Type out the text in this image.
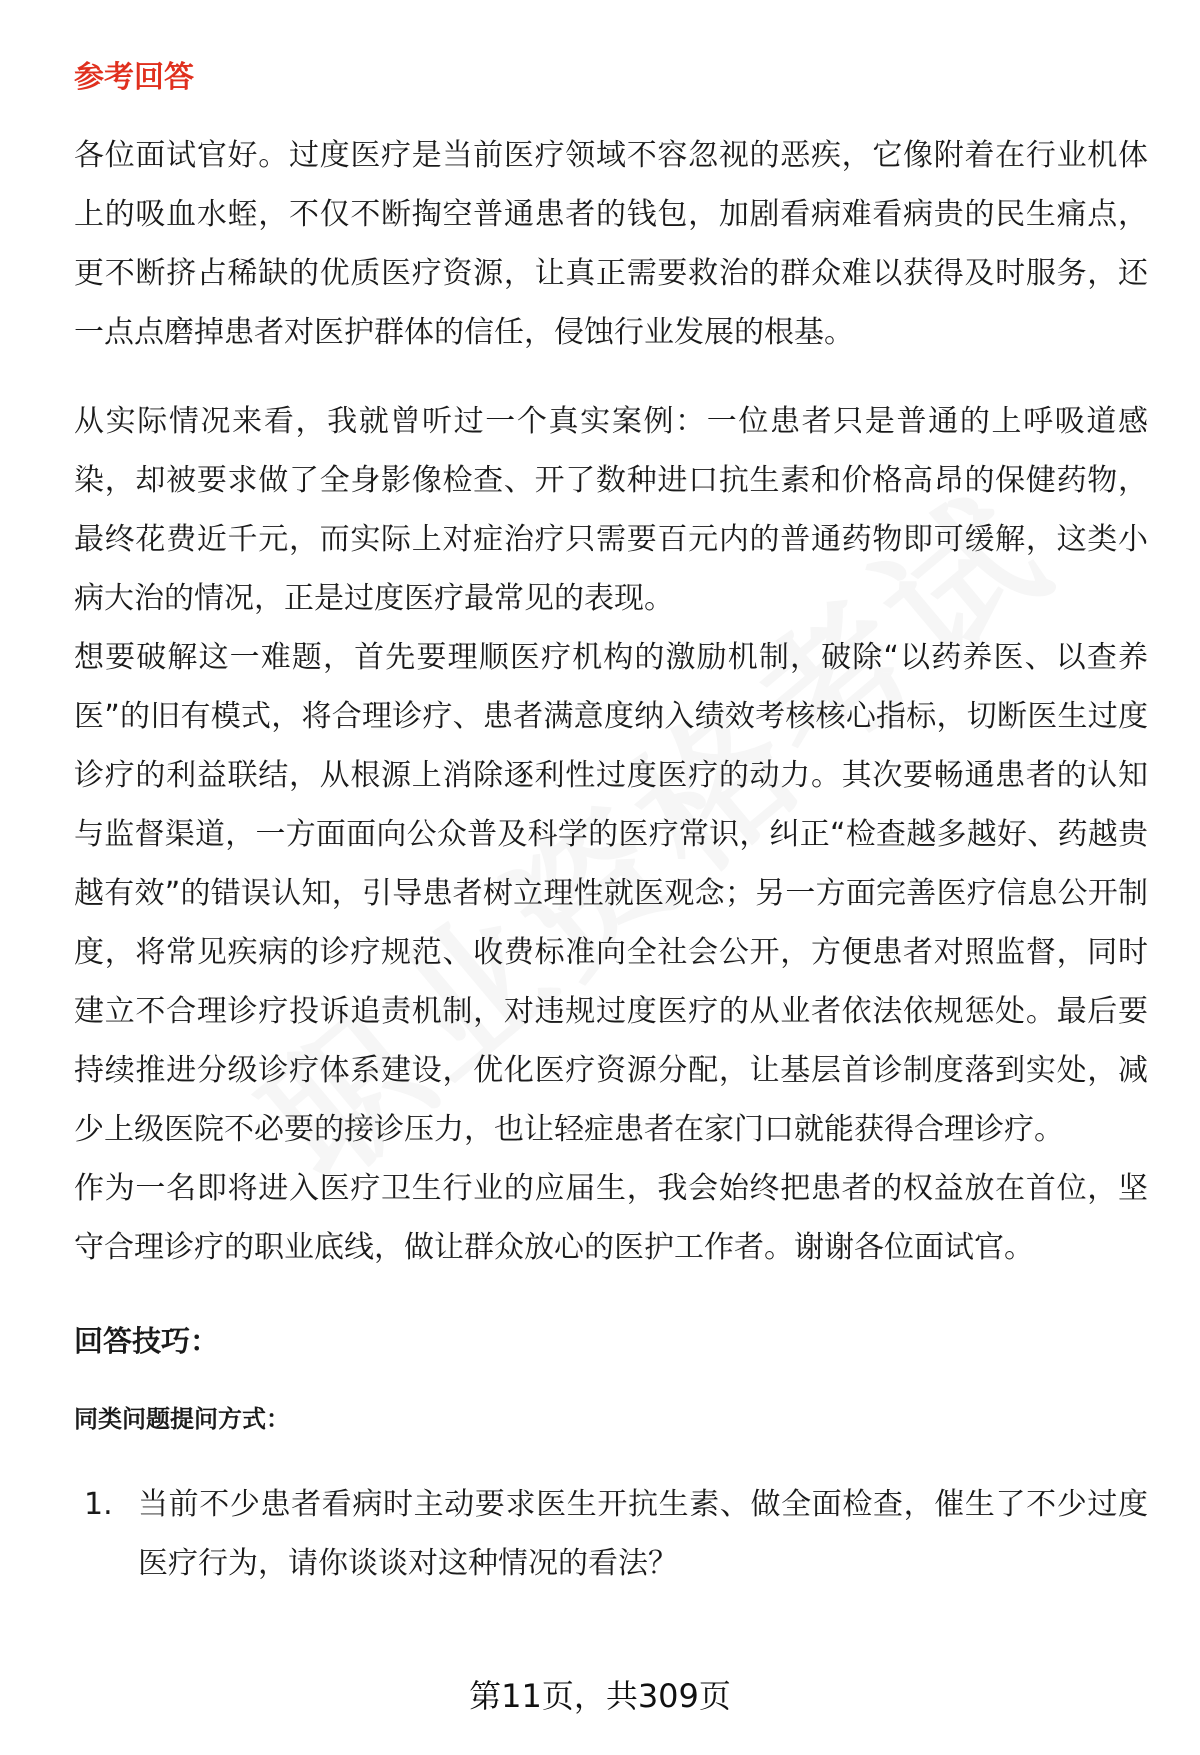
参考回答

各位面试官好。过度医疗是当前医疗领域不容忽视的恶疾，它像附着在行业机体上的吸血水蛭，不仅不断掏空普通患者的钱包，加剧看病难看病贵的民生痛点，更不断挤占稀缺的优质医疗资源，让真正需要救治的群众难以获得及时服务，还一点点磨掉患者对医护群体的信任，侵蚀行业发展的根基。

从实际情况来看，我就曾听过一个真实案例：一位患者只是普通的上呼吸道感染，却被要求做了全身影像检查、开了数种进口抗生素和价格高昂的保健药物，最终花费近千元，而实际上对症治疗只需要百元内的普通药物即可缓解，这类小病大治的情况，正是过度医疗最常见的表现。

想要破解这一难题，首先要理顺医疗机构的激励机制，破除“以药养医、以查养医”的旧有模式，将合理诊疗、患者满意度纳入绩效考核核心指标，切断医生过度诊疗的利益联结，从根源上消除逐利性过度医疗的动力。其次要畅通患者的认知与监督渠道，一方面面向公众普及科学的医疗常识，纠正“检查越多越好、药越贵越有效”的错误认知，引导患者树立理性就医观念；另一方面完善医疗信息公开制度，将常见疾病的诊疗规范、收费标准向全社会公开，方便患者对照监督，同时建立不合理诊疗投诉追责机制，对违规过度医疗的从业者依法依规惩处。最后要持续推进分级诊疗体系建设，优化医疗资源分配，让基层首诊制度落到实处，减少上级医院不必要的接诊压力，也让轻症患者在家门口就能获得合理诊疗。

作为一名即将进入医疗卫生行业的应届生，我会始终把患者的权益放在首位，坚守合理诊疗的职业底线，做让群众放心的医护工作者。谢谢各位面试官。

回答技巧：
同类问题提问方式：
1. 当前不少患者看病时主动要求医生开抗生素、做全面检查，催生了不少过度医疗行为，请你谈谈对这种情况的看法？
第11页，共309页
